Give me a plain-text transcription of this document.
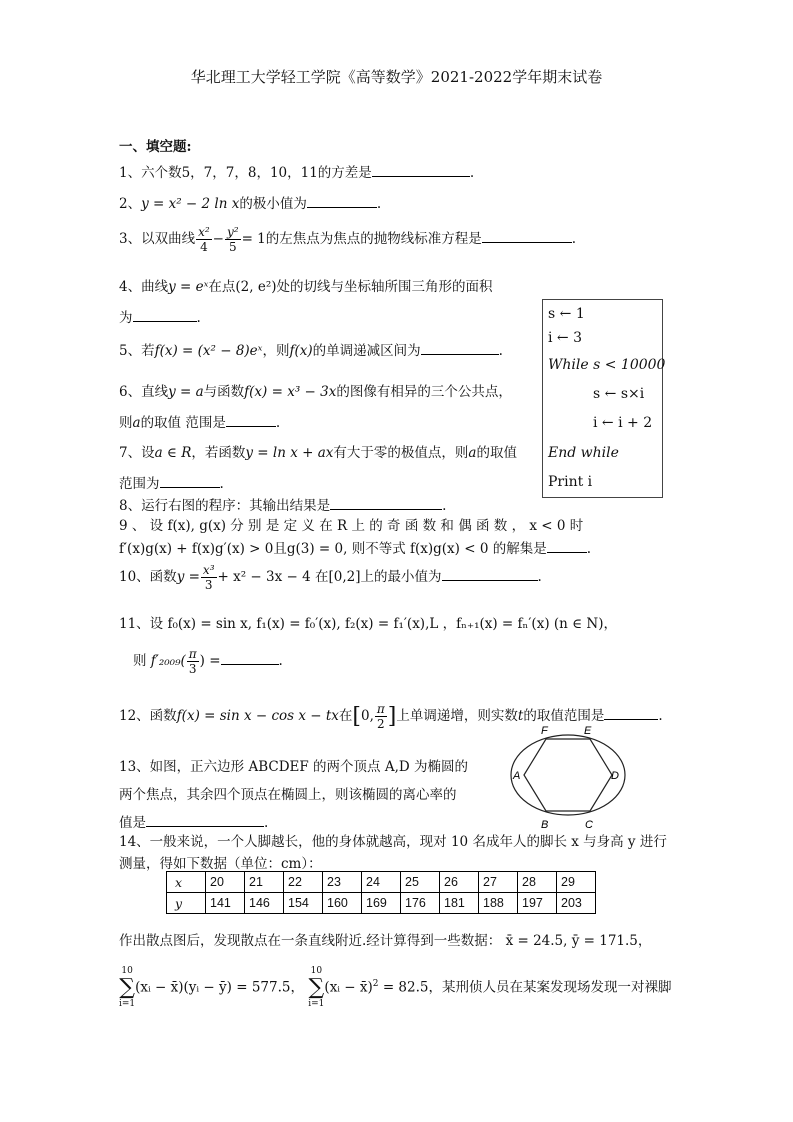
华北理工大学轻工学院《高等数学》2021-2022学年期末试卷
一、填空题:
1、六个数5，7，7，8，10，11的方差是	.
2、y = x² − 2 ln x的极小值为	.
3、以双曲线 $\frac{\text{x²}}{4} - \frac{\text{y²}}{5} = 1$的左焦点为焦点的抛物线标准方程是	.
4、曲线y = eˣ在点(2, e²)处的切线与坐标轴所围三角形的面积
为	.	s ← 1
i ← 3
While s < 10000
s ← s×i
i ← i + 2
End while
Print i
5、若f(x) = (x² − 8)eˣ，则f(x)的单调递减区间为	.
6、直线y = a与函数f(x) = x³ − 3x的图像有相异的三个公共点，
则a的取值 范围是	.
7、设a ∈ R，若函数y = ln x + ax有大于零的极值点，则a的取值
范围为	.
8、运行右图的程序：其输出结果是	.
9 、 设 f(x), g(x) 分 别 是 定 义 在 R 上 的 奇 函 数 和 偶 函 数 ， x < 0 时
f′(x)g(x) + f(x)g′(x) > 0且g(3) = 0, 则不等式 f(x)g(x) < 0 的解集是	.
10、函数$y = \frac{\text{x³}}{3} + x^2 - 3x - 4$ 在[0,2]上的最小值为	.
11、设 f₀(x) = sin x, f₁(x) = f₀′(x), f₂(x) = f₁′(x),L ，fₙ₊₁(x) = fₙ′(x) (n ∈ N)，
则 $f'_{2009}( \frac{\pi}{3}$ ) =	.
12、函数f(x) = sin x − cos x − tx在[0, $\frac{\pi}{2}$ ]上单调递增，则实数t的取值范围是	.
13、如图，正六边形 ABCDEF 的两个顶点 A,D 为椭圆的
两个焦点，其余四个顶点在椭圆上，则该椭圆的离心率的
值是	.
F	E
A	D
B	C
14、一般来说，一个人脚越长，他的身体就越高，现对 10 名成年人的脚长 x 与身高 y 进行
测量，得如下数据（单位：cm）：
x	20	21	22	23	24	25	26	27	28	29
y	141	146	154	160	169	176	181	188	197	203
作出散点图后，发现散点在一条直线附近.经计算得到一些数据： x̄ = 24.5, ȳ = 171.5，
10
∑
i=1
(xᵢ − x̄)(yᵢ − ȳ) = 577.5，
10
∑
i=1
(xᵢ − x̄)$^2$ = 82.5，某刑侦人员在某案发现场发现一对裸脚
